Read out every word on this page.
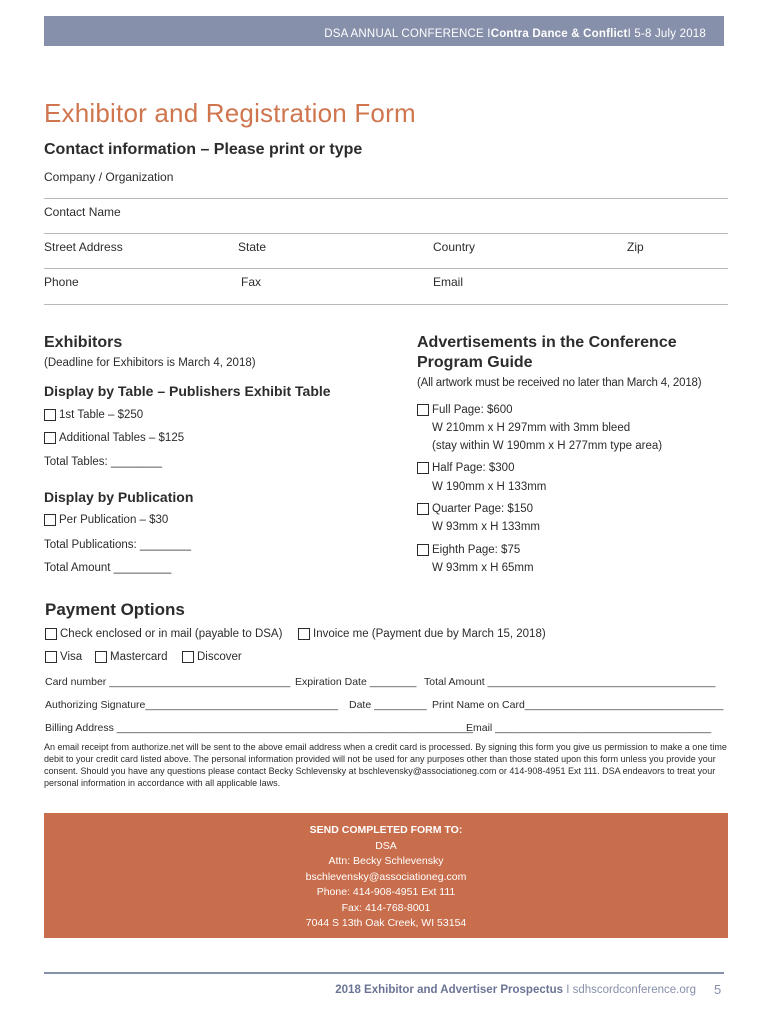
DSA ANNUAL CONFERENCE I Contra Dance & Conflict I 5-8 July 2018
Exhibitor and Registration Form
Contact information – Please print or type
Company / Organization
Contact Name
Street Address	State	Country	Zip
Phone	Fax	Email
Exhibitors
(Deadline for Exhibitors is March 4, 2018)
Display by Table – Publishers Exhibit Table
1st Table – $250
Additional Tables – $125
Total Tables: ________
Display by Publication
Per Publication – $30
Total Publications: ________
Total Amount _________
Advertisements in the Conference
Program Guide
(All artwork must be received no later than March 4, 2018)
Full Page: $600
W 210mm x H 297mm with 3mm bleed
(stay within W 190mm x H 277mm type area)
Half Page: $300
W 190mm x H 133mm
Quarter Page: $150
W 93mm x H 133mm
Eighth Page: $75
W 93mm x H 65mm
Payment Options
Check enclosed or in mail (payable to DSA)	Invoice me (Payment due by March 15, 2018)
Visa Mastercard	Discover
Card number _______________________________ Expiration Date ________ Total Amount _______________________________________
Authorizing Signature_________________________________ Date _________ Print Name on Card__________________________________
Billing Address _____________________________________________________________
Email _____________________________________
An email receipt from authorize.net will be sent to the above email address when a credit card is processed. By signing this form you give us permission to make a one time debit to your credit card listed above. The personal information provided will not be used for any purposes other than those stated upon this form unless you provide your consent. Should you have any questions please contact Becky Schlevensky at bschlevensky@associationeg.com or 414-908-4951 Ext 111. DSA endeavors to treat your personal information in accordance with all applicable laws.
SEND COMPLETED FORM TO:
DSA
Attn: Becky Schlevensky
bschlevensky@associationeg.com
Phone: 414-908-4951 Ext 111
Fax: 414-768-8001
7044 S 13th Oak Creek, WI 53154
2018 Exhibitor and Advertiser Prospectus I sdhscordconference.org 5
